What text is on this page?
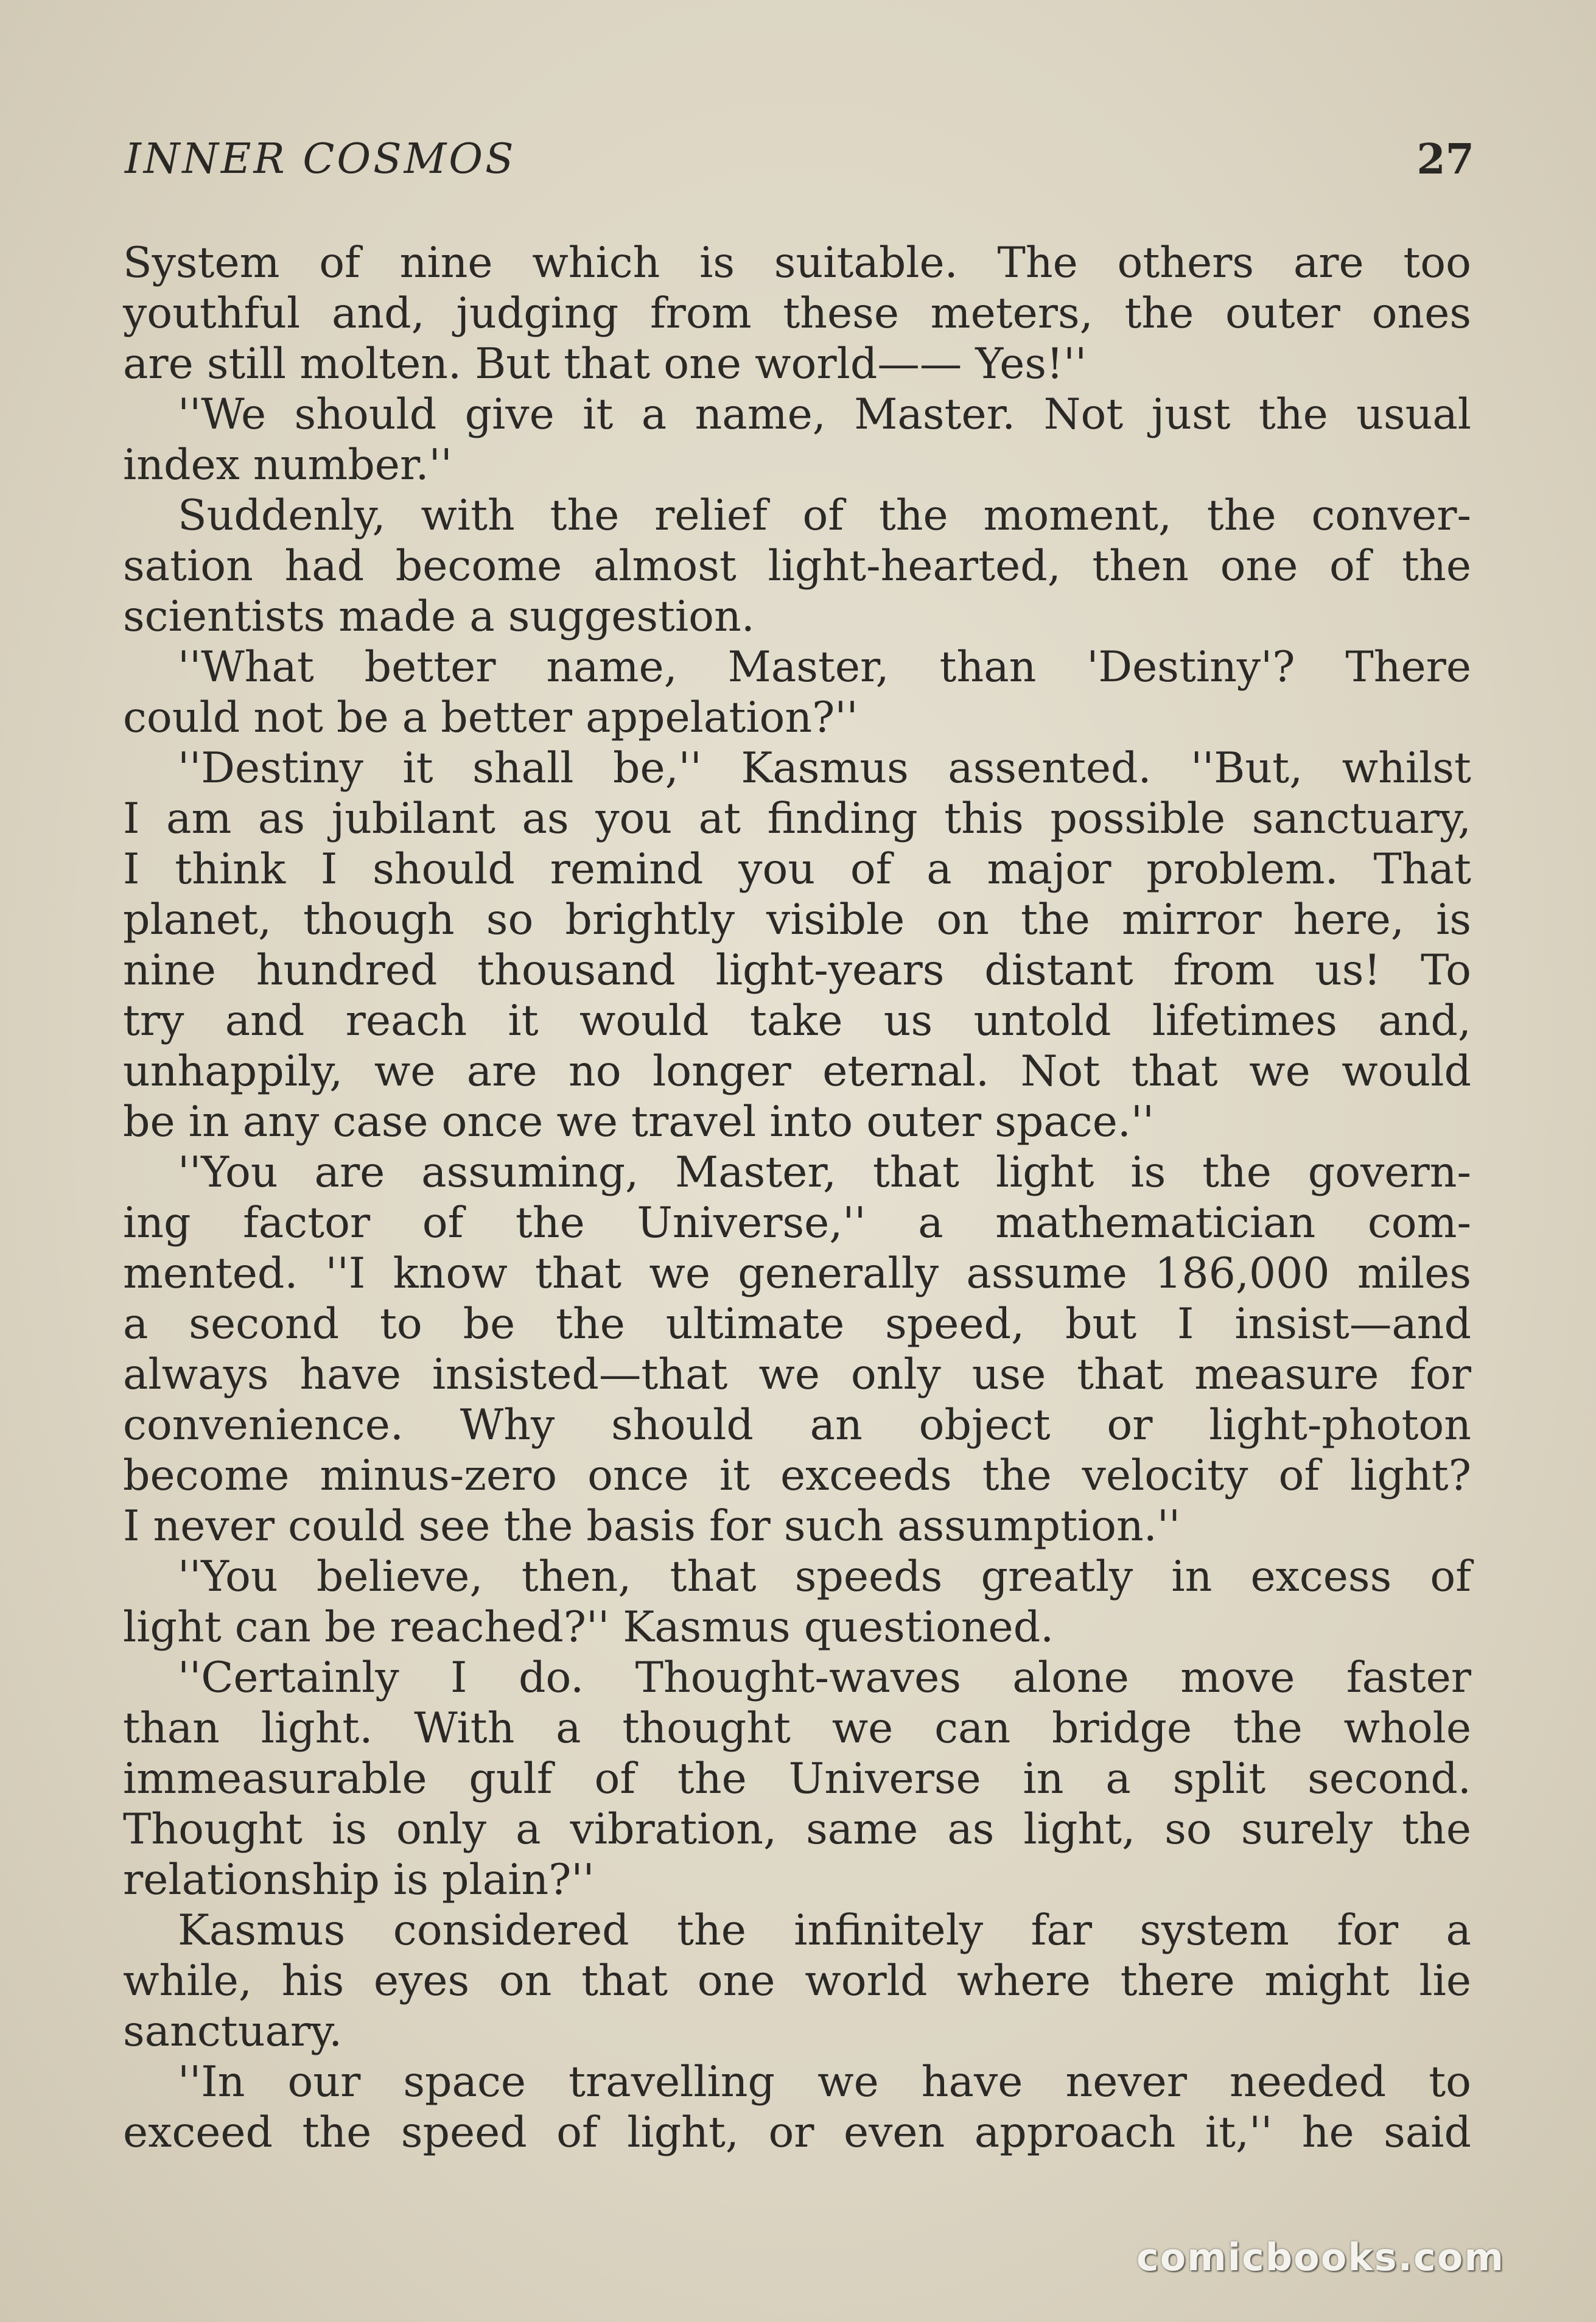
INNER COSMOS	27
System of nine which is suitable. The others are too
youthful and, judging from these meters, the outer ones
are still molten. But that one world—— Yes!''
''We should give it a name, Master. Not just the usual
index number.''
Suddenly, with the relief of the moment, the conver-
sation had become almost light-hearted, then one of the
scientists made a suggestion.
''What better name, Master, than 'Destiny'? There
could not be a better appelation?''
''Destiny it shall be,'' Kasmus assented. ''But, whilst
I am as jubilant as you at finding this possible sanctuary,
I think I should remind you of a major problem. That
planet, though so brightly visible on the mirror here, is
nine hundred thousand light-years distant from us! To
try and reach it would take us untold lifetimes and,
unhappily, we are no longer eternal. Not that we would
be in any case once we travel into outer space.''
''You are assuming, Master, that light is the govern-
ing factor of the Universe,'' a mathematician com-
mented. ''I know that we generally assume 186,000 miles
a second to be the ultimate speed, but I insist—and
always have insisted—that we only use that measure for
convenience. Why should an object or light-photon
become minus-zero once it exceeds the velocity of light?
I never could see the basis for such assumption.''
''You believe, then, that speeds greatly in excess of
light can be reached?'' Kasmus questioned.
''Certainly I do. Thought-waves alone move faster
than light. With a thought we can bridge the whole
immeasurable gulf of the Universe in a split second.
Thought is only a vibration, same as light, so surely the
relationship is plain?''
Kasmus considered the infinitely far system for a
while, his eyes on that one world where there might lie
sanctuary.
''In our space travelling we have never needed to
exceed the speed of light, or even approach it,'' he said
comicbooks.com
